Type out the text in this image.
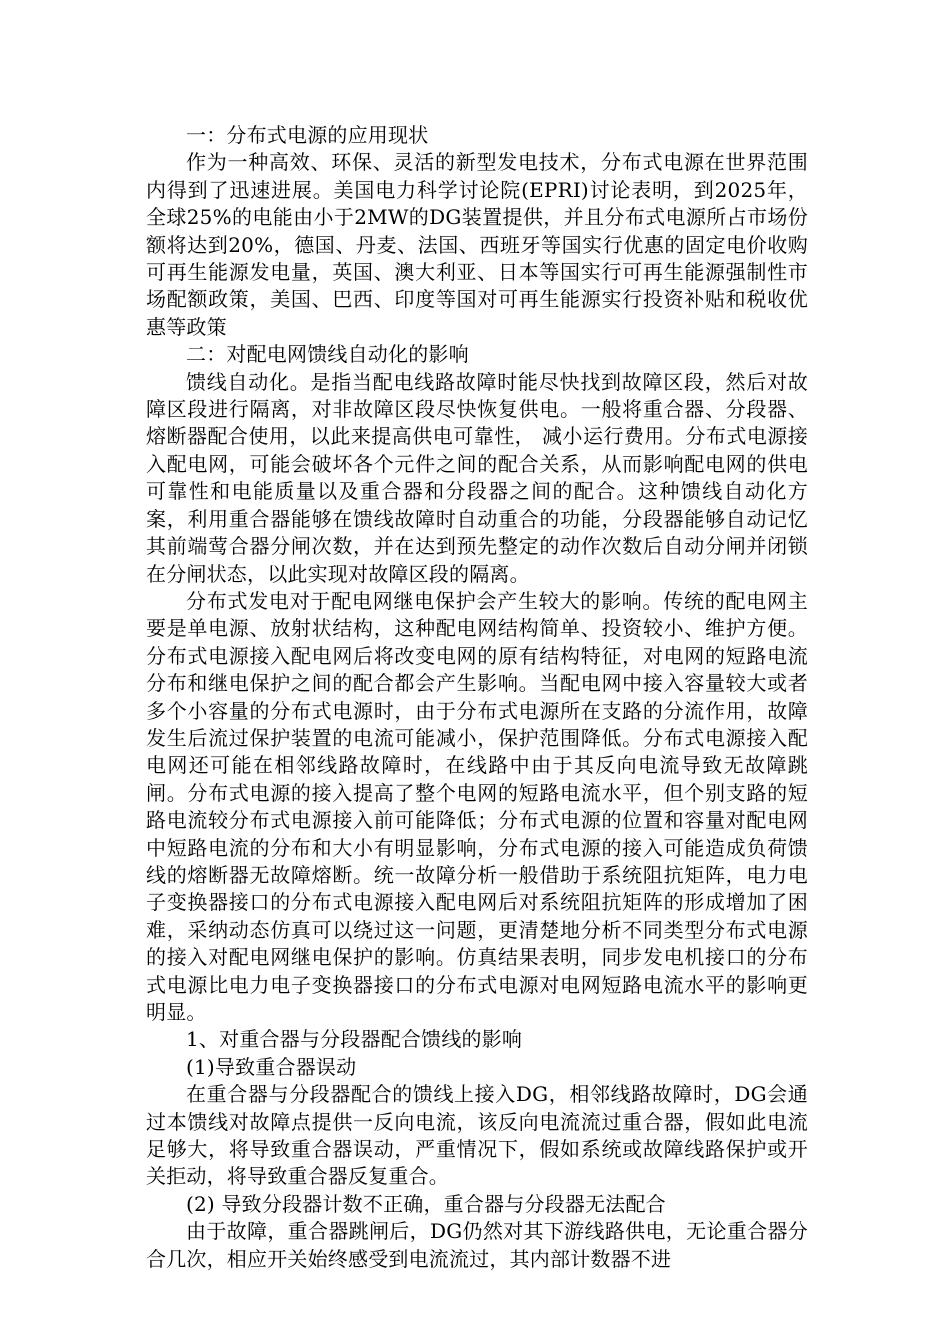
一：分布式电源的应用现状

作为一种高效、环保、灵活的新型发电技术，分布式电源在世界范围内得到了迅速进展。美国电力科学讨论院(EPRI)讨论表明，到2025年，全球25%的电能由小于2MW的DG装置提供，并且分布式电源所占市场份额将达到20%，德国、丹麦、法国、西班牙等国实行优惠的固定电价收购可再生能源发电量，英国、澳大利亚、日本等国实行可再生能源强制性市场配额政策，美国、巴西、印度等国对可再生能源实行投资补贴和税收优惠等政策

二：对配电网馈线自动化的影响

馈线自动化。是指当配电线路故障时能尽快找到故障区段，然后对故障区段进行隔离，对非故障区段尽快恢复供电。一般将重合器、分段器、熔断器配合使用，以此来提高供电可靠性， 减小运行费用。分布式电源接入配电网，可能会破坏各个元件之间的配合关系，从而影响配电网的供电可靠性和电能质量以及重合器和分段器之间的配合。这种馈线自动化方案，利用重合器能够在馈线故障时自动重合的功能，分段器能够自动记忆其前端莺合器分闸次数，并在达到预先整定的动作次数后自动分闸并闭锁在分闸状态，以此实现对故障区段的隔离。

分布式发电对于配电网继电保护会产生较大的影响。传统的配电网主要是单电源、放射状结构，这种配电网结构简单、投资较小、维护方便。分布式电源接入配电网后将改变电网的原有结构特征，对电网的短路电流分布和继电保护之间的配合都会产生影响。当配电网中接入容量较大或者多个小容量的分布式电源时，由于分布式电源所在支路的分流作用，故障发生后流过保护装置的电流可能减小，保护范围降低。分布式电源接入配电网还可能在相邻线路故障时，在线路中由于其反向电流导致无故障跳闸。分布式电源的接入提高了整个电网的短路电流水平，但个别支路的短路电流较分布式电源接入前可能降低；分布式电源的位置和容量对配电网中短路电流的分布和大小有明显影响，分布式电源的接入可能造成负荷馈线的熔断器无故障熔断。统一故障分析一般借助于系统阻抗矩阵，电力电子变换器接口的分布式电源接入配电网后对系统阻抗矩阵的形成增加了困难，采纳动态仿真可以绕过这一问题，更清楚地分析不同类型分布式电源的接入对配电网继电保护的影响。仿真结果表明，同步发电机接口的分布式电源比电力电子变换器接口的分布式电源对电网短路电流水平的影响更明显。

1、对重合器与分段器配合馈线的影响

(1)导致重合器误动

在重合器与分段器配合的馈线上接入DG，相邻线路故障时，DG会通过本馈线对故障点提供一反向电流，该反向电流流过重合器，假如此电流足够大，将导致重合器误动，严重情况下，假如系统或故障线路保护或开关拒动，将导致重合器反复重合。

(2) 导致分段器计数不正确，重合器与分段器无法配合

由于故障，重合器跳闸后，DG仍然对其下游线路供电，无论重合器分合几次，相应开关始终感受到电流流过，其内部计数器不进
